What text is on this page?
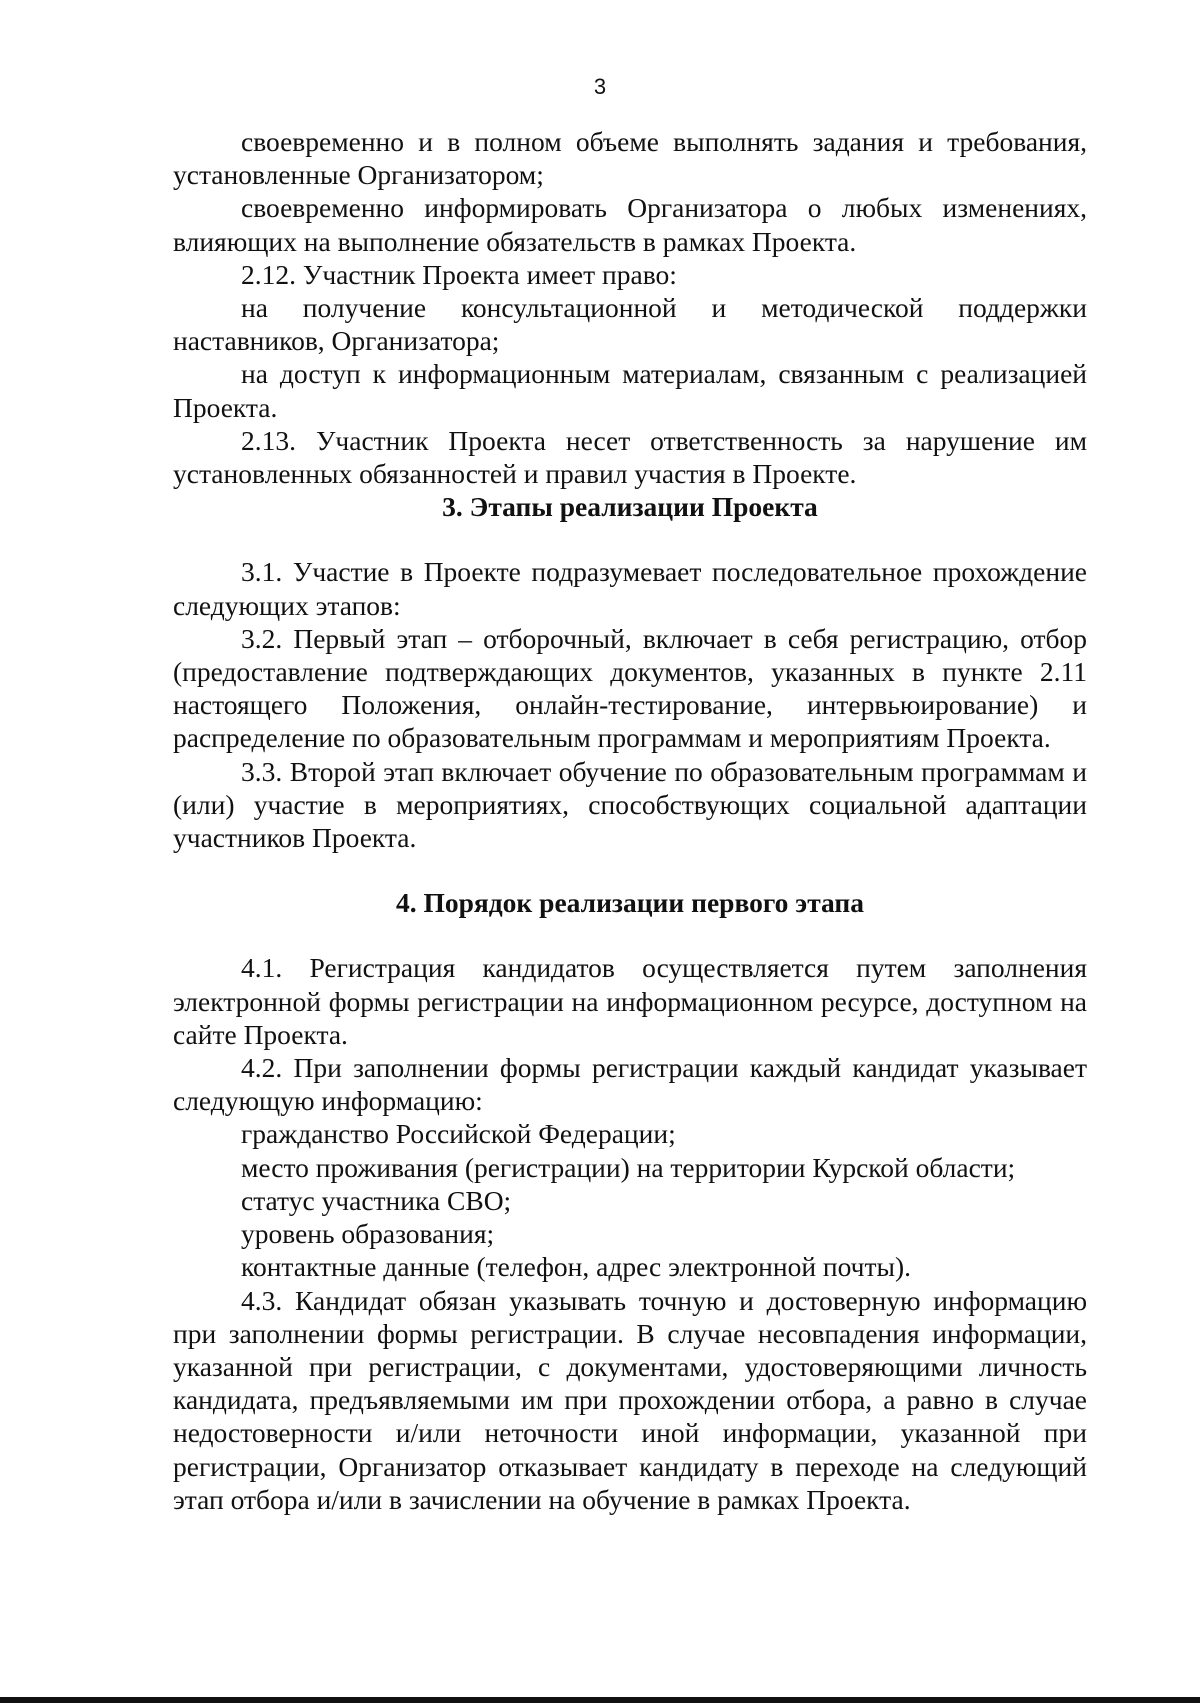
3

своевременно и в полном объеме выполнять задания и требования, установленные Организатором;

своевременно информировать Организатора о любых изменениях, влияющих на выполнение обязательств в рамках Проекта.

2.12. Участник Проекта имеет право:

на получение консультационной и методической поддержки наставников, Организатора;

на доступ к информационным материалам, связанным с реализацией Проекта.

2.13. Участник Проекта несет ответственность за нарушение им установленных обязанностей и правил участия в Проекте.

3. Этапы реализации Проекта

3.1. Участие в Проекте подразумевает последовательное прохождение следующих этапов:

3.2. Первый этап – отборочный, включает в себя регистрацию, отбор (предоставление подтверждающих документов, указанных в пункте 2.11 настоящего Положения, онлайн-тестирование, интервьюирование) и распределение по образовательным программам и мероприятиям Проекта.

3.3. Второй этап включает обучение по образовательным программам и (или) участие в мероприятиях, способствующих социальной адаптации участников Проекта.

4. Порядок реализации первого этапа

4.1. Регистрация кандидатов осуществляется путем заполнения электронной формы регистрации на информационном ресурсе, доступном на сайте Проекта.

4.2. При заполнении формы регистрации каждый кандидат указывает следующую информацию:

гражданство Российской Федерации;

место проживания (регистрации) на территории Курской области;

статус участника СВО;

уровень образования;

контактные данные (телефон, адрес электронной почты).

4.3. Кандидат обязан указывать точную и достоверную информацию при заполнении формы регистрации. В случае несовпадения информации, указанной при регистрации, с документами, удостоверяющими личность кандидата, предъявляемыми им при прохождении отбора, а равно в случае недостоверности и/или неточности иной информации, указанной при регистрации, Организатор отказывает кандидату в переходе на следующий этап отбора и/или в зачислении на обучение в рамках Проекта.
